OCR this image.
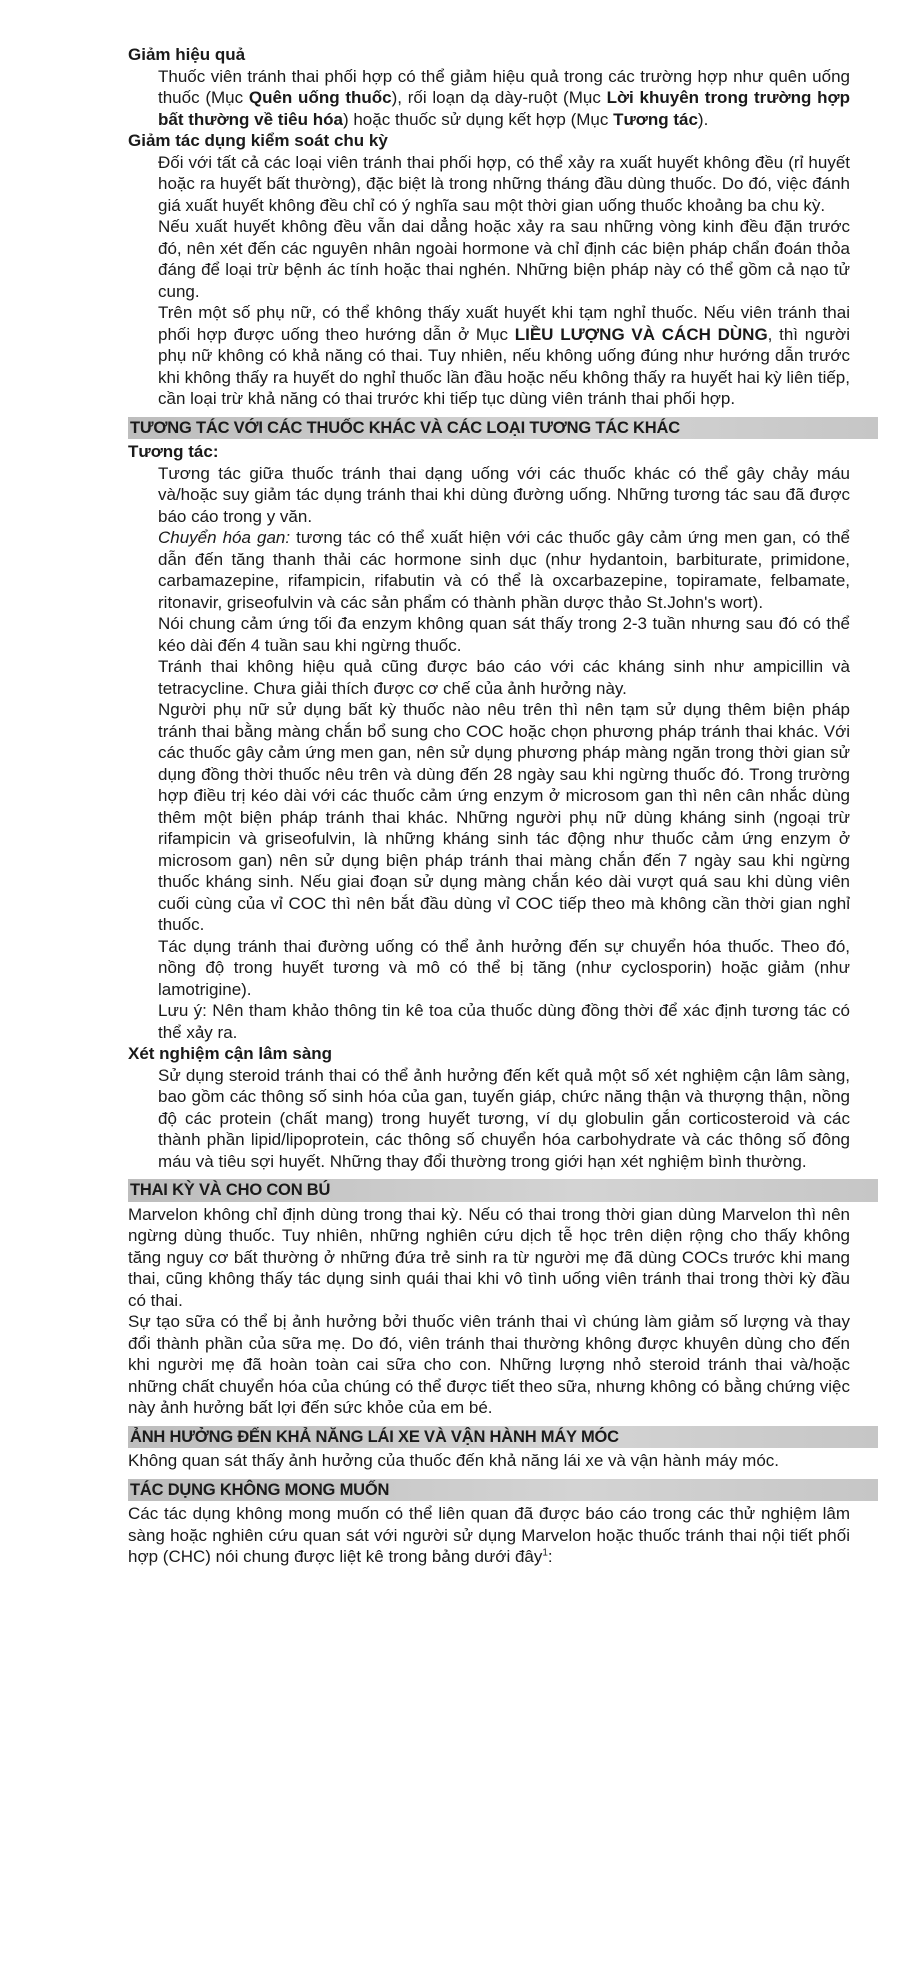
Giảm hiệu quả

Thuốc viên tránh thai phối hợp có thể giảm hiệu quả trong các trường hợp như quên uống thuốc (Mục Quên uống thuốc), rối loạn dạ dày-ruột (Mục Lời khuyên trong trường hợp bất thường về tiêu hóa) hoặc thuốc sử dụng kết hợp (Mục Tương tác).

Giảm tác dụng kiểm soát chu kỳ

Đối với tất cả các loại viên tránh thai phối hợp, có thể xảy ra xuất huyết không đều (rỉ huyết hoặc ra huyết bất thường), đặc biệt là trong những tháng đầu dùng thuốc. Do đó, việc đánh giá xuất huyết không đều chỉ có ý nghĩa sau một thời gian uống thuốc khoảng ba chu kỳ.

Nếu xuất huyết không đều vẫn dai dẳng hoặc xảy ra sau những vòng kinh đều đặn trước đó, nên xét đến các nguyên nhân ngoài hormone và chỉ định các biện pháp chẩn đoán thỏa đáng để loại trừ bệnh ác tính hoặc thai nghén. Những biện pháp này có thể gồm cả nạo tử cung.

Trên một số phụ nữ, có thể không thấy xuất huyết khi tạm nghỉ thuốc. Nếu viên tránh thai phối hợp được uống theo hướng dẫn ở Mục LIỀU LƯỢNG VÀ CÁCH DÙNG, thì người phụ nữ không có khả năng có thai. Tuy nhiên, nếu không uống đúng như hướng dẫn trước khi không thấy ra huyết do nghỉ thuốc lần đầu hoặc nếu không thấy ra huyết hai kỳ liên tiếp, cần loại trừ khả năng có thai trước khi tiếp tục dùng viên tránh thai phối hợp.

TƯƠNG TÁC VỚI CÁC THUỐC KHÁC VÀ CÁC LOẠI TƯƠNG TÁC KHÁC
Tương tác:

Tương tác giữa thuốc tránh thai dạng uống với các thuốc khác có thể gây chảy máu và/hoặc suy giảm tác dụng tránh thai khi dùng đường uống. Những tương tác sau đã được báo cáo trong y văn.

Chuyển hóa gan: tương tác có thể xuất hiện với các thuốc gây cảm ứng men gan, có thể dẫn đến tăng thanh thải các hormone sinh dục (như hydantoin, barbiturate, primidone, carbamazepine, rifampicin, rifabutin và có thể là oxcarbazepine, topiramate, felbamate, ritonavir, griseofulvin và các sản phẩm có thành phần dược thảo St.John's wort).

Nói chung cảm ứng tối đa enzym không quan sát thấy trong 2-3 tuần nhưng sau đó có thể kéo dài đến 4 tuần sau khi ngừng thuốc.

Tránh thai không hiệu quả cũng được báo cáo với các kháng sinh như ampicillin và tetracycline. Chưa giải thích được cơ chế của ảnh hưởng này.

Người phụ nữ sử dụng bất kỳ thuốc nào nêu trên thì nên tạm sử dụng thêm biện pháp tránh thai bằng màng chắn bổ sung cho COC hoặc chọn phương pháp tránh thai khác. Với các thuốc gây cảm ứng men gan, nên sử dụng phương pháp màng ngăn trong thời gian sử dụng đồng thời thuốc nêu trên và dùng đến 28 ngày sau khi ngừng thuốc đó. Trong trường hợp điều trị kéo dài với các thuốc cảm ứng enzym ở microsom gan thì nên cân nhắc dùng thêm một biện pháp tránh thai khác. Những người phụ nữ dùng kháng sinh (ngoại trừ rifampicin và griseofulvin, là những kháng sinh tác động như thuốc cảm ứng enzym ở microsom gan) nên sử dụng biện pháp tránh thai màng chắn đến 7 ngày sau khi ngừng thuốc kháng sinh. Nếu giai đoạn sử dụng màng chắn kéo dài vượt quá sau khi dùng viên cuối cùng của vỉ COC thì nên bắt đầu dùng vỉ COC tiếp theo mà không cần thời gian nghỉ thuốc.

Tác dụng tránh thai đường uống có thể ảnh hưởng đến sự chuyển hóa thuốc. Theo đó, nồng độ trong huyết tương và mô có thể bị tăng (như cyclosporin) hoặc giảm (như lamotrigine).

Lưu ý: Nên tham khảo thông tin kê toa của thuốc dùng đồng thời để xác định tương tác có thể xảy ra.

Xét nghiệm cận lâm sàng

Sử dụng steroid tránh thai có thể ảnh hưởng đến kết quả một số xét nghiệm cận lâm sàng, bao gồm các thông số sinh hóa của gan, tuyến giáp, chức năng thận và thượng thận, nồng độ các protein (chất mang) trong huyết tương, ví dụ globulin gắn corticosteroid và các thành phần lipid/lipoprotein, các thông số chuyển hóa carbohydrate và các thông số đông máu và tiêu sợi huyết. Những thay đổi thường trong giới hạn xét nghiệm bình thường.

THAI KỲ VÀ CHO CON BÚ

Marvelon không chỉ định dùng trong thai kỳ. Nếu có thai trong thời gian dùng Marvelon thì nên ngừng dùng thuốc. Tuy nhiên, những nghiên cứu dịch tễ học trên diện rộng cho thấy không tăng nguy cơ bất thường ở những đứa trẻ sinh ra từ người mẹ đã dùng COCs trước khi mang thai, cũng không thấy tác dụng sinh quái thai khi vô tình uống viên tránh thai trong thời kỳ đầu có thai.

Sự tạo sữa có thể bị ảnh hưởng bởi thuốc viên tránh thai vì chúng làm giảm số lượng và thay đổi thành phần của sữa mẹ. Do đó, viên tránh thai thường không được khuyên dùng cho đến khi người mẹ đã hoàn toàn cai sữa cho con. Những lượng nhỏ steroid tránh thai và/hoặc những chất chuyển hóa của chúng có thể được tiết theo sữa, nhưng không có bằng chứng việc này ảnh hưởng bất lợi đến sức khỏe của em bé.

ẢNH HƯỞNG ĐẾN KHẢ NĂNG LÁI XE VÀ VẬN HÀNH MÁY MÓC

Không quan sát thấy ảnh hưởng của thuốc đến khả năng lái xe và vận hành máy móc.

TÁC DỤNG KHÔNG MONG MUỐN

Các tác dụng không mong muốn có thể liên quan đã được báo cáo trong các thử nghiệm lâm sàng hoặc nghiên cứu quan sát với người sử dụng Marvelon hoặc thuốc tránh thai nội tiết phối hợp (CHC) nói chung được liệt kê trong bảng dưới đây$^1$:
